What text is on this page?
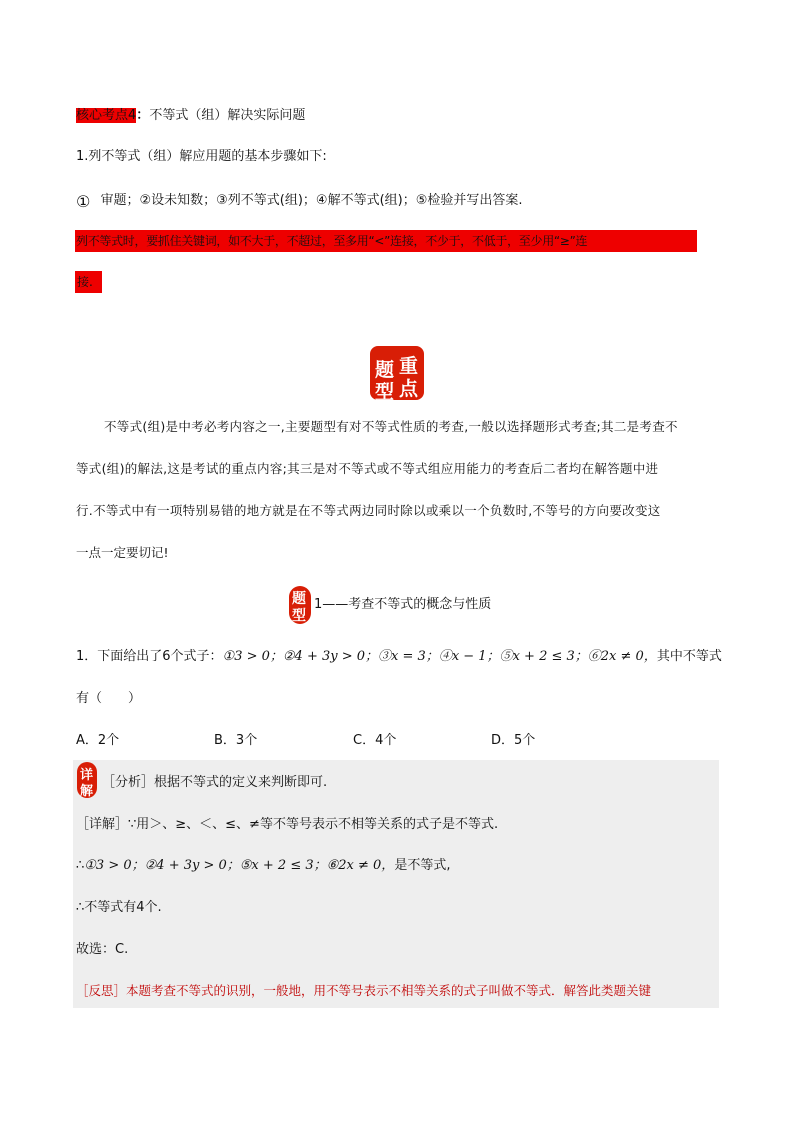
核心考点4：不等式（组）解决实际问题
1.列不等式（组）解应用题的基本步骤如下:
① 审题；②设未知数；③列不等式(组)；④解不等式(组)；⑤检验并写出答案.
列不等式时，要抓住关键词，如不大于，不超过，至多用“<”连接，不少于，不低于，至少用“≥”连
接.
重
点
题
型
不等式(组)是中考必考内容之一,主要题型有对不等式性质的考查,一般以选择题形式考查;其二是考查不
等式(组)的解法,这是考试的重点内容;其三是对不等式或不等式组应用能力的考查后二者均在解答题中进
行.不等式中有一项特别易错的地方就是在不等式两边同时除以或乘以一个负数时,不等号的方向要改变这
一点一定要切记!
题
型
1——考查不等式的概念与性质
1．下面给出了6个式子：①3 > 0；②4 + 3y > 0；③x = 3；④x − 1；⑤x + 2 ≤ 3；⑥2x ≠ 0，其中不等式
有（　　）
A．2个	B．3个	C．4个	D．5个
详
解
［分析］根据不等式的定义来判断即可.
［详解］∵用＞、≥、＜、≤、≠等不等号表示不相等关系的式子是不等式.
∴①3 > 0；②4 + 3y > 0；⑤x + 2 ≤ 3；⑥2x ≠ 0，是不等式,
∴不等式有4个.
故选：C.
［反思］本题考查不等式的识别，一般地，用不等号表示不相等关系的式子叫做不等式．解答此类题关键
